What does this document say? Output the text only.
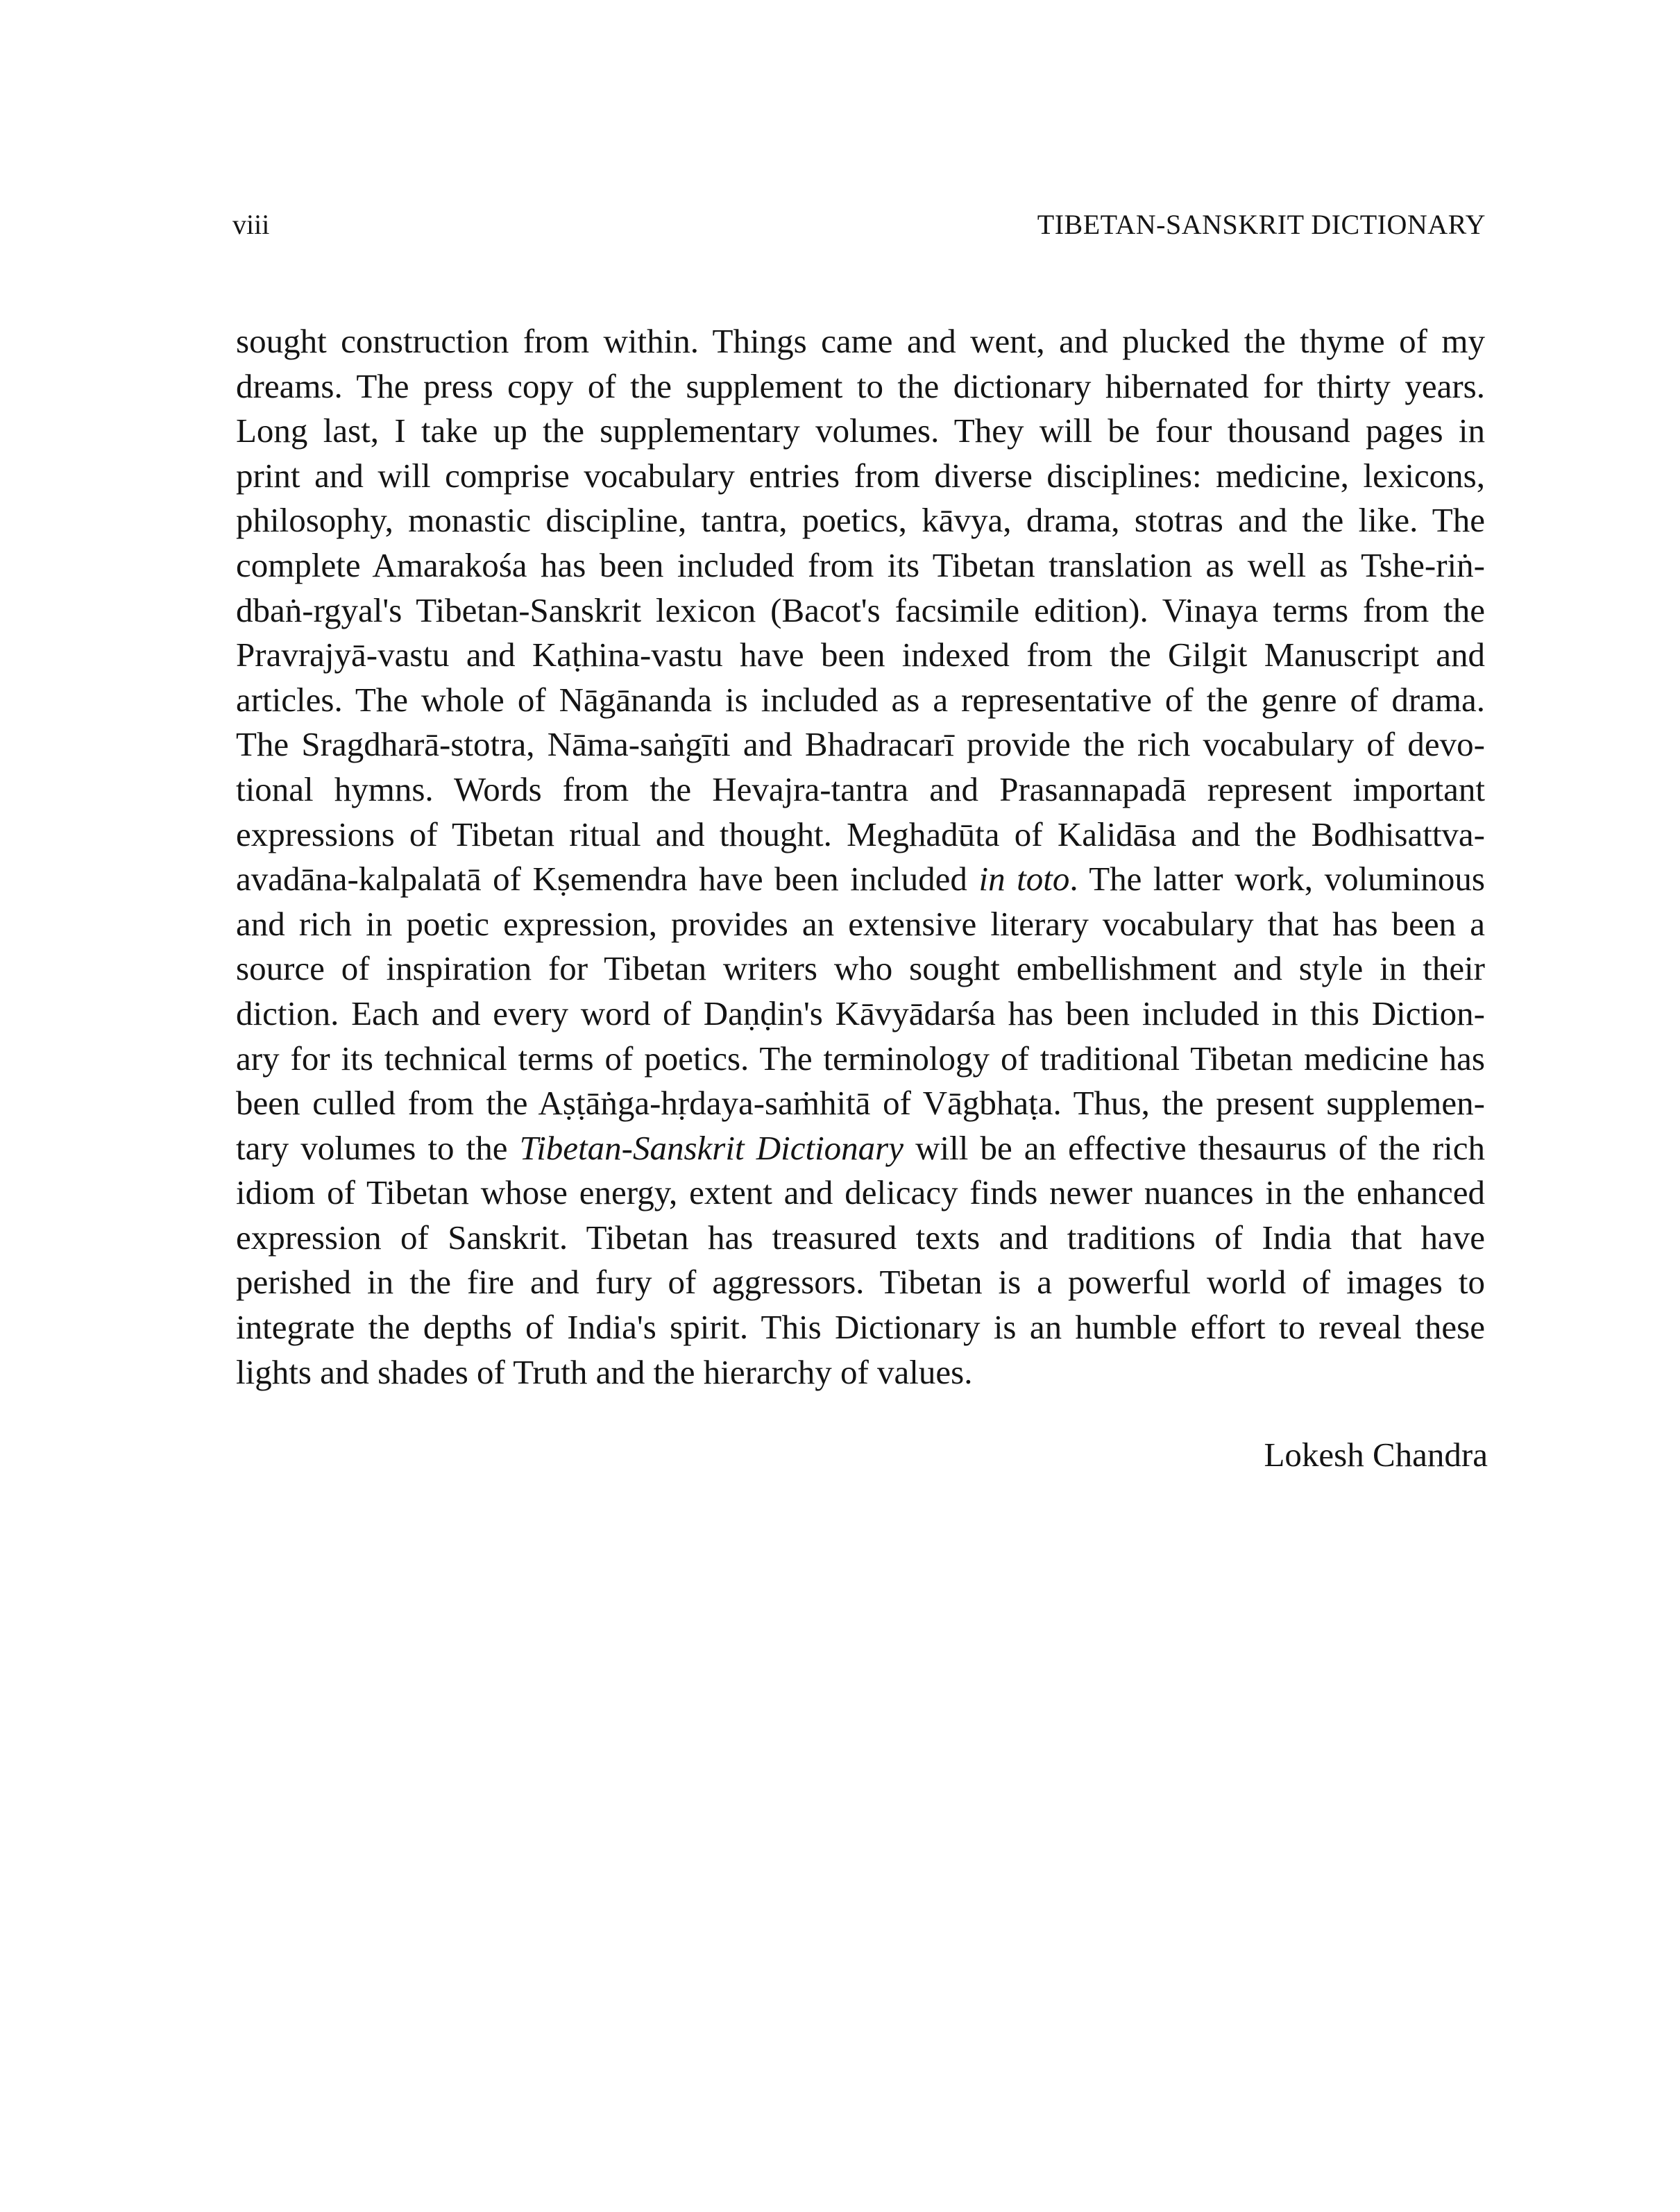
viii	TIBETAN-SANSKRIT DICTIONARY
sought construction from within. Things came and went, and plucked the thyme of my
dreams. The press copy of the supplement to the dictionary hibernated for thirty years.
Long last, I take up the supplementary volumes. They will be four thousand pages in
print and will comprise vocabulary entries from diverse disciplines: medicine, lexicons,
philosophy, monastic discipline, tantra, poetics, kāvya, drama, stotras and the like. The
complete Amarakośa has been included from its Tibetan translation as well as Tshe-riṅ-
dbaṅ-rgyal's Tibetan-Sanskrit lexicon (Bacot's facsimile edition). Vinaya terms from the
Pravrajyā-vastu and Kaṭhina-vastu have been indexed from the Gilgit Manuscript and
articles. The whole of Nāgānanda is included as a representative of the genre of drama.
The Sragdharā-stotra, Nāma-saṅgīti and Bhadracarī provide the rich vocabulary of devo-
tional hymns. Words from the Hevajra-tantra and Prasannapadā represent important
expressions of Tibetan ritual and thought. Meghadūta of Kalidāsa and the Bodhisattva-
avadāna-kalpalatā of Kṣemendra have been included in toto. The latter work, voluminous
and rich in poetic expression, provides an extensive literary vocabulary that has been a
source of inspiration for Tibetan writers who sought embellishment and style in their
diction. Each and every word of Daṇḍin's Kāvyādarśa has been included in this Diction-
ary for its technical terms of poetics. The terminology of traditional Tibetan medicine has
been culled from the Aṣṭāṅga-hṛdaya-saṁhitā of Vāgbhaṭa. Thus, the present supplemen-
tary volumes to the Tibetan-Sanskrit Dictionary will be an effective thesaurus of the rich
idiom of Tibetan whose energy, extent and delicacy finds newer nuances in the enhanced
expression of Sanskrit. Tibetan has treasured texts and traditions of India that have
perished in the fire and fury of aggressors. Tibetan is a powerful world of images to
integrate the depths of India's spirit. This Dictionary is an humble effort to reveal these
lights and shades of Truth and the hierarchy of values.
Lokesh Chandra
